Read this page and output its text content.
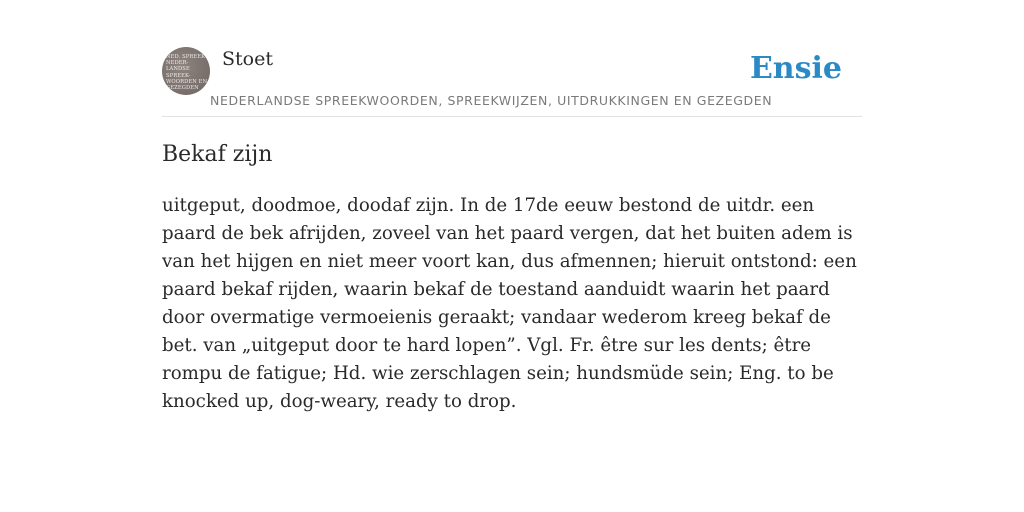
NED. SPREEK-
NEDER-
LANDSE
SPREEK-
WOORDEN EN
GEZEGDEN
Stoet	Ensie
NEDERLANDSE SPREEKWOORDEN, SPREEKWIJZEN, UITDRUKKINGEN EN GEZEGDEN
Bekaf zijn

uitgeput, doodmoe, doodaf zijn. In de 17de eeuw bestond de uitdr. een paard de bek afrijden, zoveel van het paard vergen, dat het buiten adem is van het hijgen en niet meer voort kan, dus afmennen; hieruit ontstond: een paard bekaf rijden, waarin bekaf de toestand aanduidt waarin het paard door overmatige vermoeienis geraakt; vandaar wederom kreeg bekaf de bet. van „uitgeput door te hard lopen”. Vgl. Fr. être sur les dents; être rompu de fatigue; Hd. wie zerschlagen sein; hundsmüde sein; Eng. to be knocked up, dog-weary, ready to drop.
